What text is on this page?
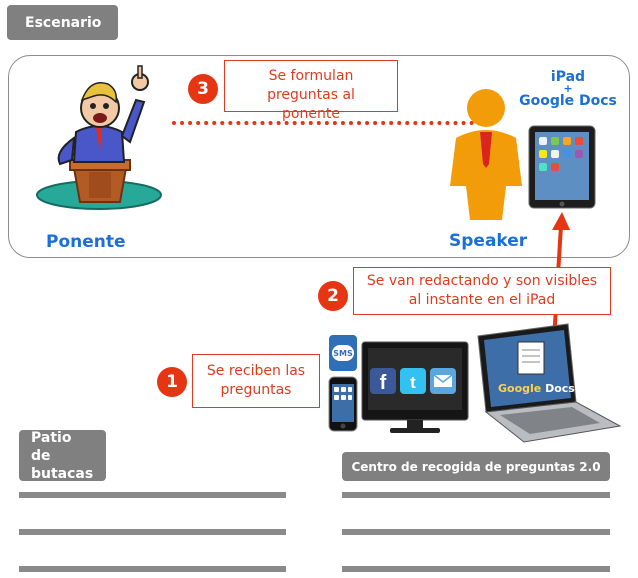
Escenario
Ponente
3
Se formulan preguntas al ponente
Speaker
iPad
+
Google Docs
2
Se van redactando y son visibles al instante en el iPad
1
Se reciben las preguntas
SMS
f t	Google Docs
Patio de butacas	Centro de recogida de preguntas 2.0
